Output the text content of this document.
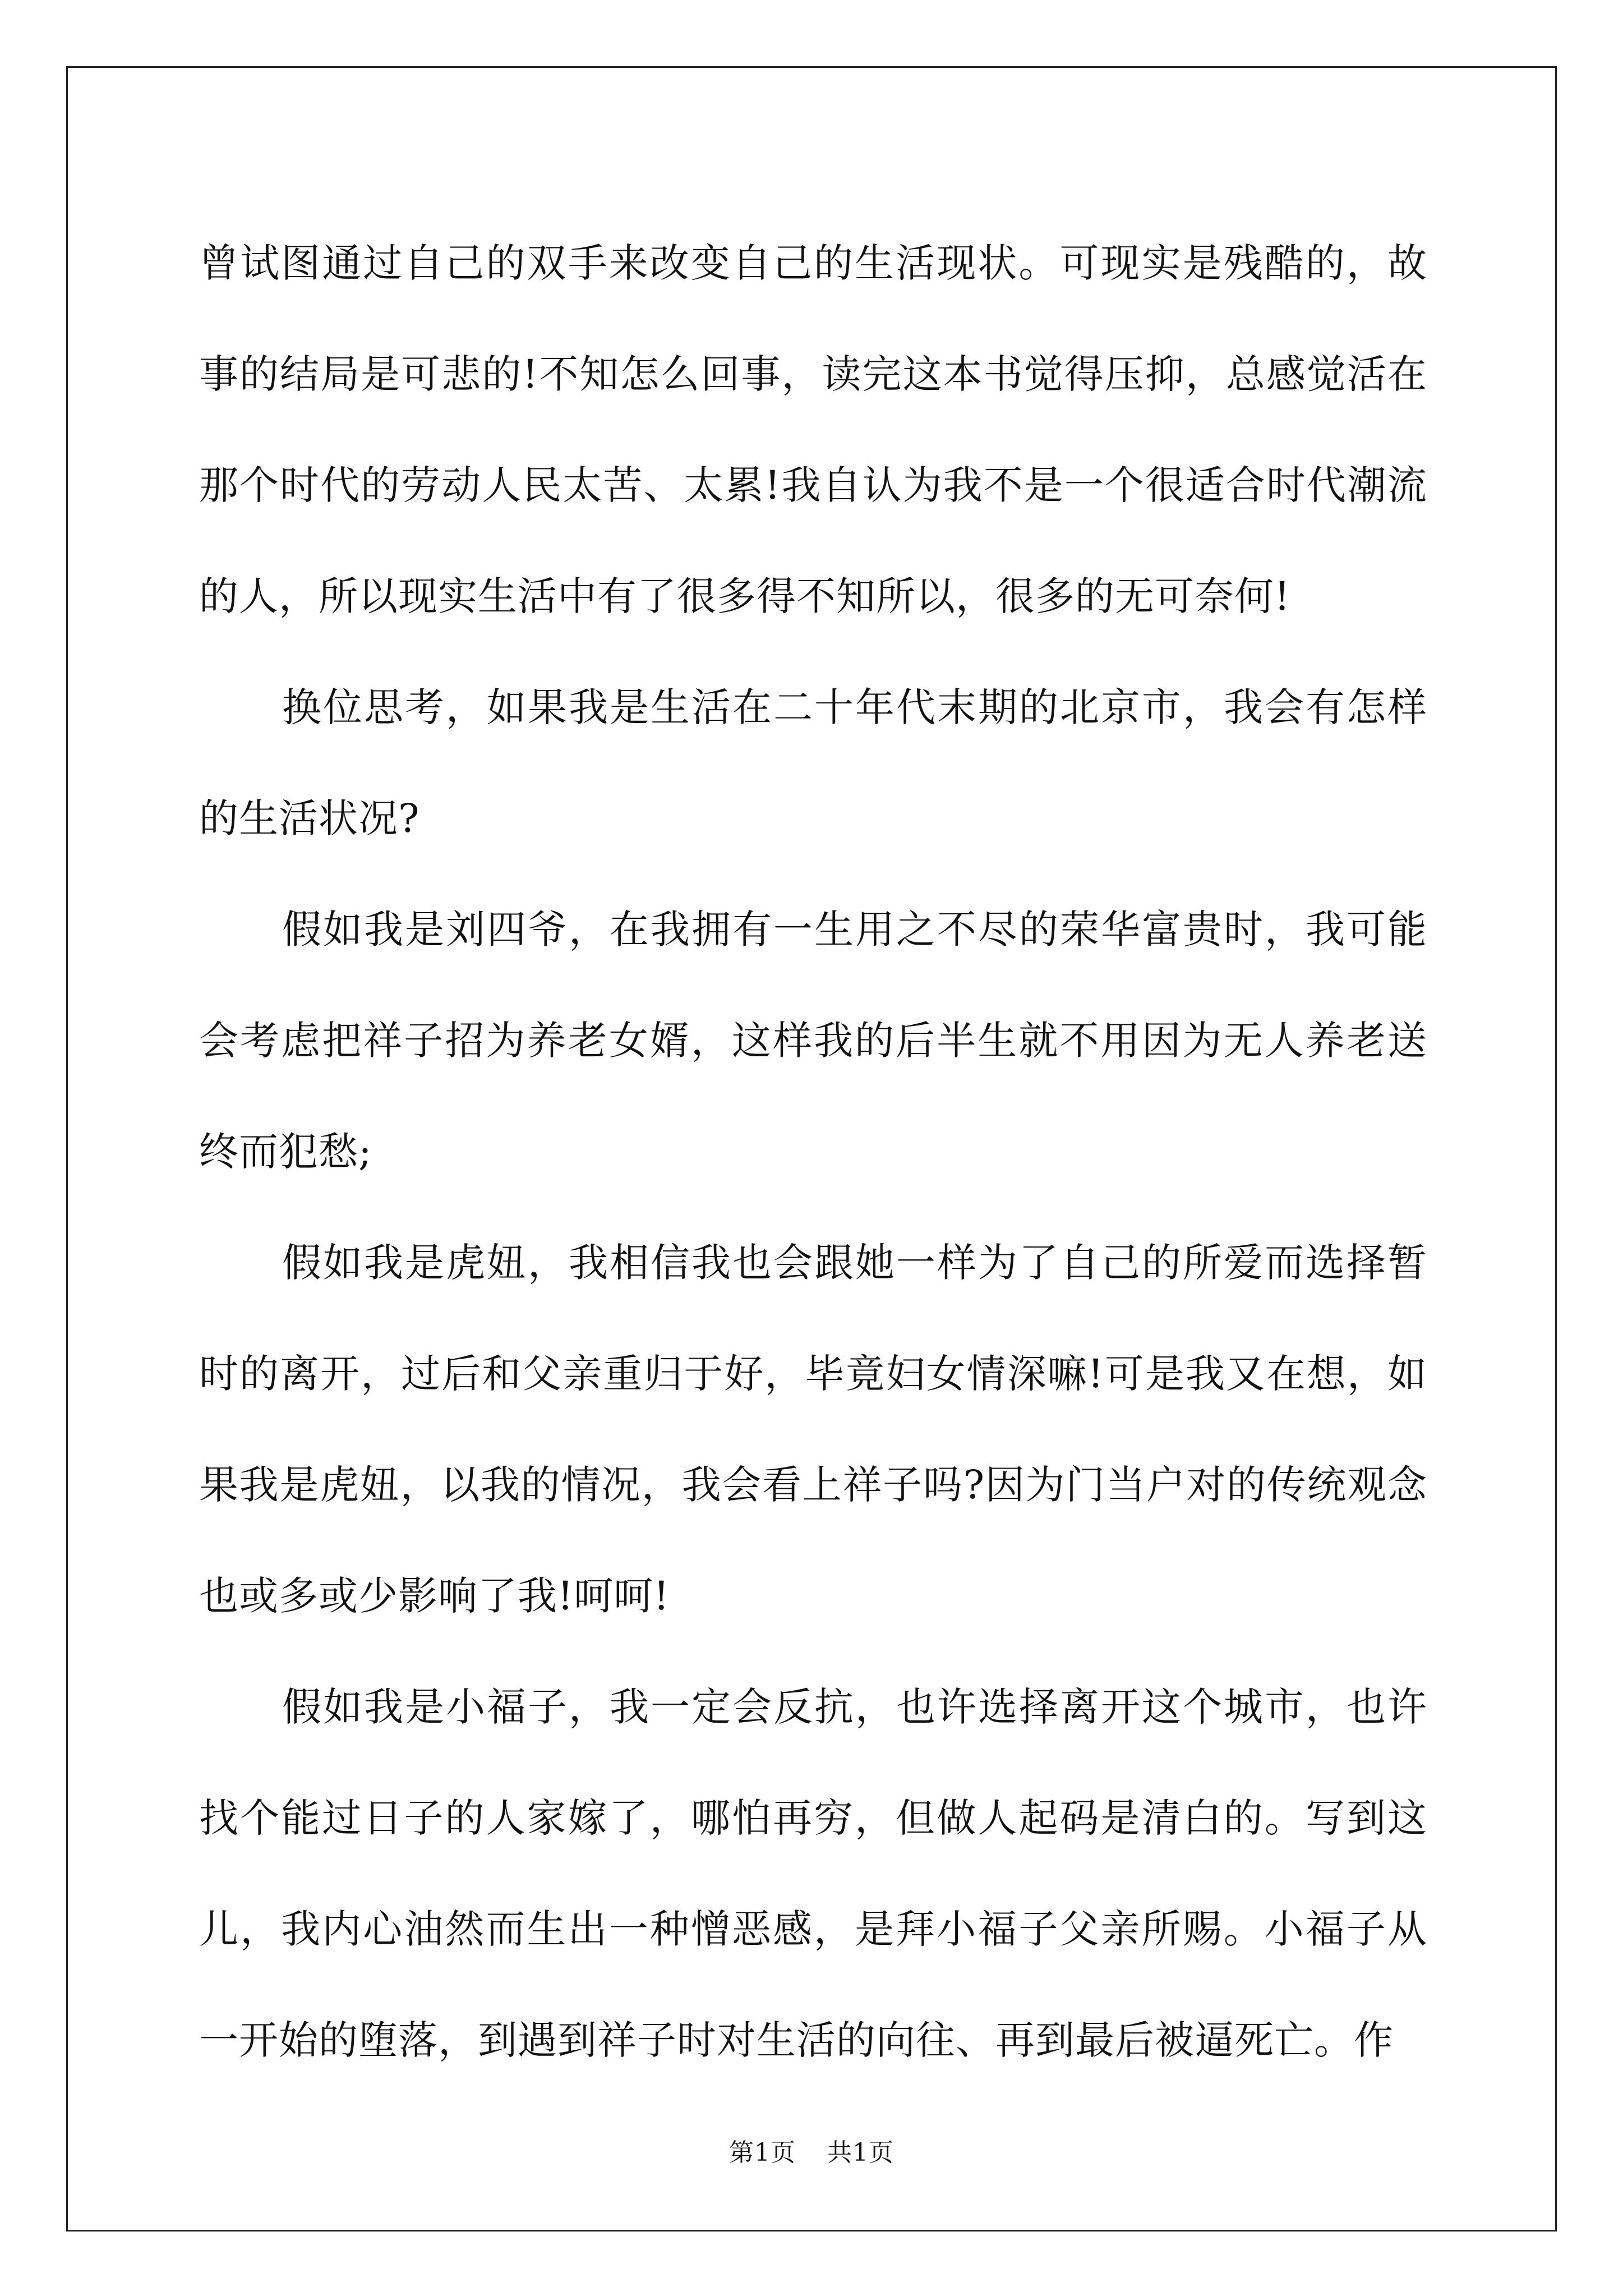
曾试图通过自己的双手来改变自己的生活现状。可现实是残酷的，故事的结局是可悲的!不知怎么回事，读完这本书觉得压抑，总感觉活在那个时代的劳动人民太苦、太累!我自认为我不是一个很适合时代潮流的人，所以现实生活中有了很多得不知所以，很多的无可奈何!

换位思考，如果我是生活在二十年代末期的北京市，我会有怎样的生活状况?

假如我是刘四爷，在我拥有一生用之不尽的荣华富贵时，我可能会考虑把祥子招为养老女婿，这样我的后半生就不用因为无人养老送终而犯愁;

假如我是虎妞，我相信我也会跟她一样为了自己的所爱而选择暂时的离开，过后和父亲重归于好，毕竟妇女情深嘛!可是我又在想，如果我是虎妞，以我的情况，我会看上祥子吗?因为门当户对的传统观念也或多或少影响了我!呵呵!

假如我是小福子，我一定会反抗，也许选择离开这个城市，也许找个能过日子的人家嫁了，哪怕再穷，但做人起码是清白的。写到这儿，我内心油然而生出一种憎恶感，是拜小福子父亲所赐。小福子从一开始的堕落，到遇到祥子时对生活的向往、再到最后被逼死亡。作

第1页 共1页
